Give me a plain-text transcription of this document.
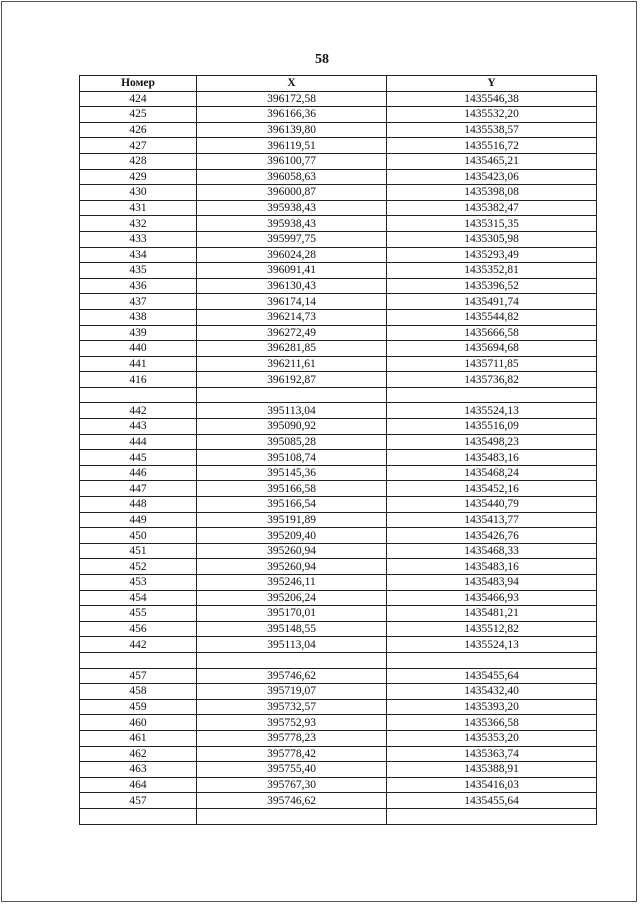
58
Номер	X	Y
424	396172,58	1435546,38
425	396166,36	1435532,20
426	396139,80	1435538,57
427	396119,51	1435516,72
428	396100,77	1435465,21
429	396058,63	1435423,06
430	396000,87	1435398,08
431	395938,43	1435382,47
432	395938,43	1435315,35
433	395997,75	1435305,98
434	396024,28	1435293,49
435	396091,41	1435352,81
436	396130,43	1435396,52
437	396174,14	1435491,74
438	396214,73	1435544,82
439	396272,49	1435666,58
440	396281,85	1435694,68
441	396211,61	1435711,85
416	396192,87	1435736,82

442	395113,04	1435524,13
443	395090,92	1435516,09
444	395085,28	1435498,23
445	395108,74	1435483,16
446	395145,36	1435468,24
447	395166,58	1435452,16
448	395166,54	1435440,79
449	395191,89	1435413,77
450	395209,40	1435426,76
451	395260,94	1435468,33
452	395260,94	1435483,16
453	395246,11	1435483,94
454	395206,24	1435466,93
455	395170,01	1435481,21
456	395148,55	1435512,82
442	395113,04	1435524,13

457	395746,62	1435455,64
458	395719,07	1435432,40
459	395732,57	1435393,20
460	395752,93	1435366,58
461	395778,23	1435353,20
462	395778,42	1435363,74
463	395755,40	1435388,91
464	395767,30	1435416,03
457	395746,62	1435455,64
